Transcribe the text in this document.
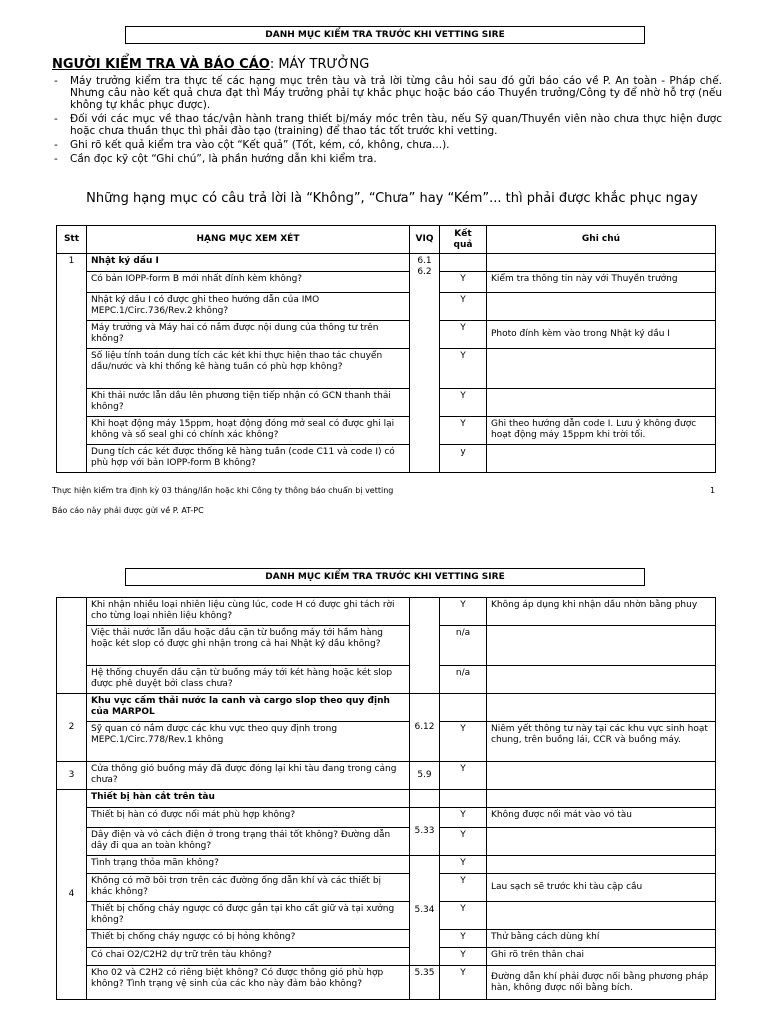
DANH MỤC KIỂM TRA TRƯỚC KHI VETTING SIRE
NGƯỜI KIỂM TRA VÀ BÁO CÁO: MÁY TRƯỞNG
- Máy trưởng kiểm tra thực tế các hạng mục trên tàu và trả lời từng câu hỏi sau đó gửi báo cáo về P. An toàn - Pháp chế. Nhưng câu nào kết quả chưa đạt thì Máy trưởng phải tự khắc phục hoặc báo cáo Thuyền trưởng/Công ty để nhờ hỗ trợ (nếu không tự khắc phục được).
- Đối với các mục về thao tác/vận hành trang thiết bị/máy móc trên tàu, nếu Sỹ quan/Thuyền viên nào chưa thực hiện được hoặc chưa thuần thục thì phải đào tạo (training) để thao tác tốt trước khi vetting.
- Ghi rõ kết quả kiểm tra vào cột “Kết quả” (Tốt, kém, có, không, chưa...).
- Cần đọc kỹ cột “Ghi chú”, là phần hướng dẫn khi kiểm tra.
Những hạng mục có câu trả lời là “Không”, “Chưa” hay “Kém”... thì phải được khắc phục ngay
Stt	HẠNG MỤC XEM XÉT	VIQ	Kết quả	Ghi chú
1	Nhật ký dầu I	6.1
6.2		
	Có bản IOPP-form B mới nhất đính kèm không?		Y	Kiểm tra thông tin này với Thuyền trưởng
	Nhật ký dầu I có được ghi theo hướng dẫn của IMO MEPC.1/Circ.736/Rev.2 không?		Y	
	Máy trưởng và Máy hai có nắm được nội dung của thông tư trên không?		Y	Photo đính kèm vào trong Nhật ký dầu I
	Số liệu tính toán dung tích các két khi thực hiện thao tác chuyển dầu/nước và khi thống kê hàng tuần có phù hợp không?		Y	
	Khi thải nước lẫn dầu lên phương tiện tiếp nhận có GCN thanh thải không?		Y	
	Khi hoạt động máy 15ppm, hoạt động đóng mở seal có được ghi lại không và số seal ghi có chính xác không?		Y	Ghi theo hướng dẫn code I. Lưu ý không được hoạt động máy 15ppm khi trời tối.
	Dung tích các két được thống kê hàng tuần (code C11 và code I) có phù hợp với bản IOPP-form B không?		y	
Thực hiện kiểm tra định kỳ 03 tháng/lần hoặc khi Công ty thông báo chuẩn bị vetting	1
Báo cáo này phải được gửi về P. AT-PC
DANH MỤC KIỂM TRA TRƯỚC KHI VETTING SIRE
	Khi nhận nhiều loại nhiên liệu cùng lúc, code H có được ghi tách rời cho từng loại nhiên liệu không?		Y	Không áp dụng khi nhận dầu nhờn bằng phuy
	Việc thải nước lẫn dầu hoặc dầu cặn từ buồng máy tới hầm hàng hoặc két slop có được ghi nhận trong cả hai Nhật ký dầu không?		n/a	
	Hệ thống chuyển dầu cặn từ buồng máy tới két hàng hoặc két slop được phê duyệt bởi class chưa?		n/a	
2	Khu vực cấm thải nước la canh và cargo slop theo quy định của MARPOL	6.12		
	Sỹ quan có nắm được các khu vực theo quy định trong MEPC.1/Circ.778/Rev.1 không		Y	Niêm yết thông tư này tại các khu vực sinh hoạt chung, trên buồng lái, CCR và buồng máy.
3	Cửa thông gió buồng máy đã được đóng lại khi tàu đang trong cảng chưa?	5.9	Y	
4	Thiết bị hàn cắt trên tàu			
	Thiết bị hàn có được nối mát phù hợp không?	5.33	Y	Không được nối mát vào vỏ tàu
	Dây điện và vỏ cách điện ở trong trạng thái tốt không? Đường dẫn dây đi qua an toàn không?		Y	
	Tình trạng thỏa mãn không?	5.34	Y	
	Không có mỡ bôi trơn trên các đường ống dẫn khí và các thiết bị khác không?		Y	Lau sạch sẽ trước khi tàu cập cầu
	Thiết bị chống cháy ngược có được gắn tại kho cất giữ và tại xưởng không?		Y	
	Thiết bị chống cháy ngược có bị hỏng không?		Y	Thử bằng cách dùng khí
	Có chai O2/C2H2 dự trữ trên tàu không?		Y	Ghi rõ trên thân chai
	Kho 02 và C2H2 có riêng biệt không? Có được thông gió phù hợp không? Tình trạng vệ sinh của các kho này đảm bảo không?	5.35	Y	Đường dẫn khí phải được nối bằng phương pháp hàn, không được nối bằng bích.
